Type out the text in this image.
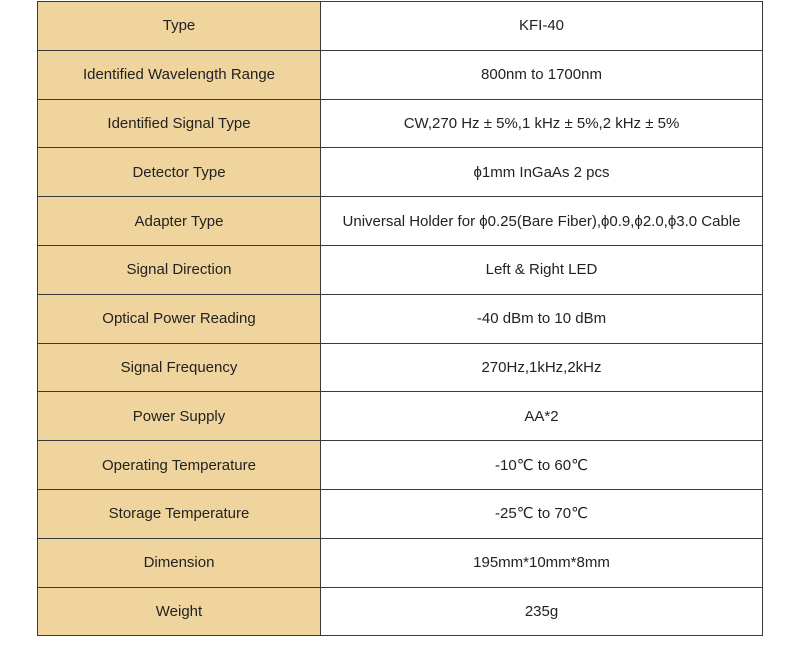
Type	KFI-40
Identified Wavelength Range	800nm to 1700nm
Identified Signal Type	CW,270 Hz ± 5%,1 kHz ± 5%,2 kHz ± 5%
Detector Type	ϕ1mm InGaAs 2 pcs
Adapter Type	Universal Holder for ϕ0.25(Bare Fiber),ϕ0.9,ϕ2.0,ϕ3.0 Cable
Signal Direction	Left & Right LED
Optical Power Reading	-40 dBm to 10 dBm
Signal Frequency	270Hz,1kHz,2kHz
Power Supply	AA*2
Operating Temperature	-10℃ to 60℃
Storage Temperature	-25℃ to 70℃
Dimension	195mm*10mm*8mm
Weight	235g
